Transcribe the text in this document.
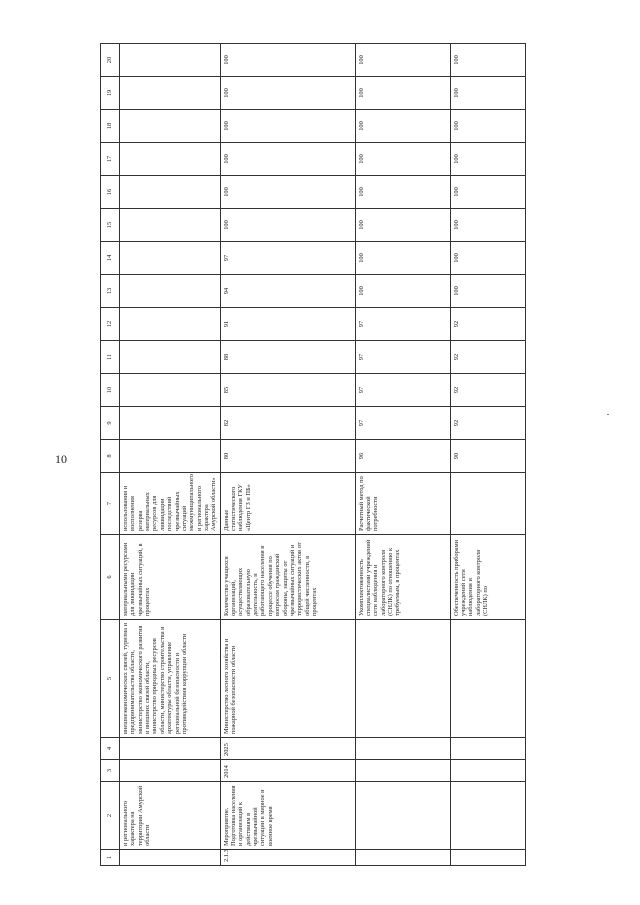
10
1	2	3	4	5	6	7	8	9	10	11	12	13	14	15	16	17	18	19	20
	и регионального характера на территории Амурской области			внешнеэкономических связей, туризма и предпринимательства области, министерство экономического развития и внешних связей области, министерство природных ресурсов области, министерство строительства и архитектуры области, управление региональной безопасности и противодействия коррупции области	материальными ресурсами для ликвидации чрезвычайных ситуаций, в процентах	использования и восполнения резерва материальных ресурсов для ликвидации последствий чрезвычайных ситуаций межмуниципального и регионального характера Амурской области»													
2.1.3	Мероприятие. Подготовка населения и организаций к действиям в чрезвычайной ситуации в мирное и военное время	2014	2025	Министерство лесного хозяйства и пожарной безопасности области	Количество учащихся организаций, осуществляющих образовательную деятельность, и работающего населения в процессе обучения по вопросам гражданской обороны, защиты от чрезвычайных ситуаций и террористических актов от общей численности, в процентах	Данные статистического наблюдения ГКУ «Центр ГЗ и ПБ»	80	82	85	88	91	94	97	100	100	100	100	100	100
					Укомплектованность специалистами учреждений сети наблюдения и лабораторного контроля (СНЛК) по отношению к требуемым, в процентах	Расчетный метод по фактической потребности	96	97	97	97	97	100	100	100	100	100	100	100	100
					Обеспеченность приборами учреждений сети наблюдения и лабораторного контроля (СНЛК) по		90	92	92	92	92	100	100	100	100	100	100	100	100
